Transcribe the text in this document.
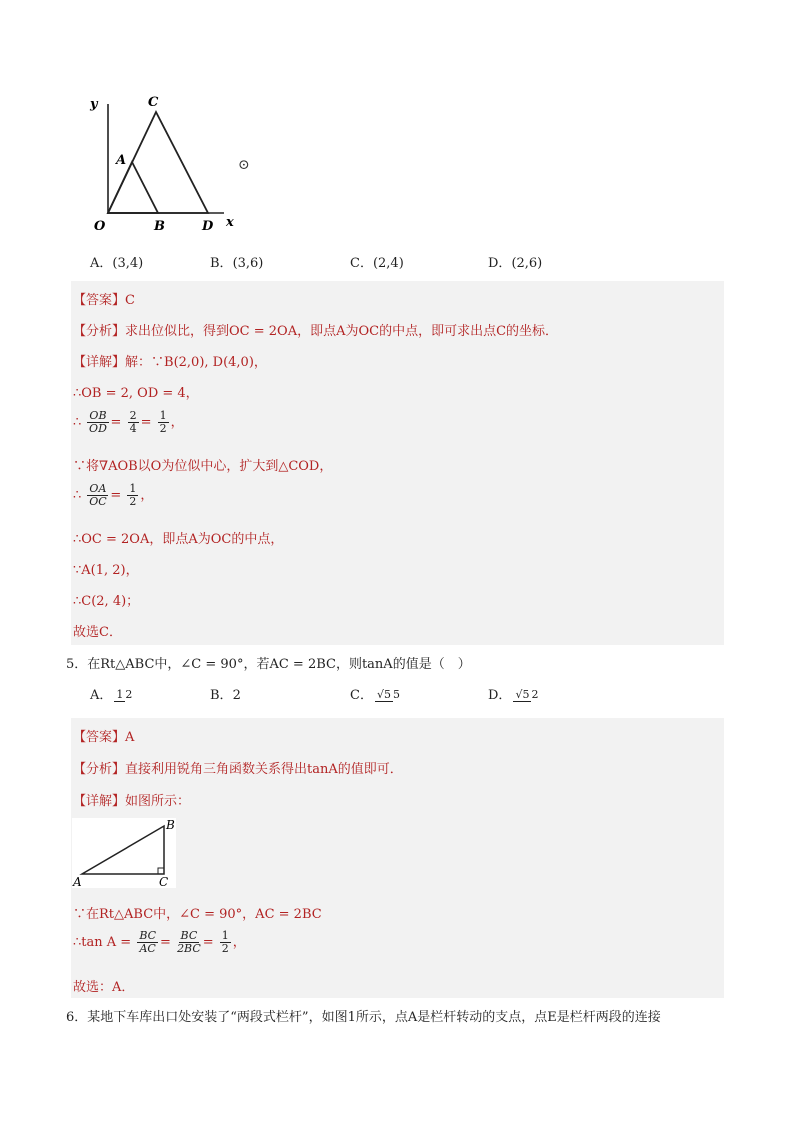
y	C
A
O	B	D x
⊙
A．(3,4)	B．(3,6)	C．(2,4)	D．(2,6)
【答案】C
【分析】求出位似比，得到OC = 2OA，即点A为OC的中点，即可求出点C的坐标．
【详解】解：∵B(2,0), D(4,0)，
∴OB = 2, OD = 4，
∴ $\frac{OB}{OD} = \frac{2}{4} = \frac{1}{2}$ ，
∵将∇AOB以O为位似中心，扩大到△COD，
∴ $\frac{OA}{OC} = \frac{1}{2}$ ，
∴OC = 2OA，即点A为OC的中点，
∵A(1, 2)，
∴C(2, 4)；
故选C．
5．在Rt△ABC中，∠C = 90°，若AC = 2BC，则tanA的值是（　）
A． 1 2	B．2	C． √5 5	D． √5 2
【答案】A
【分析】直接利用锐角三角函数关系得出tanA的值即可．
【详解】如图所示：
B
A	C
∵在Rt△ABC中，∠C = 90°，AC = 2BC
∴tan $A = \frac{BC}{AC} = \frac{BC}{2BC} = \frac{1}{2}$ ，
故选：A．
6．某地下车库出口处安装了“两段式栏杆”，如图1所示，点A是栏杆转动的支点，点E是栏杆两段的连接
